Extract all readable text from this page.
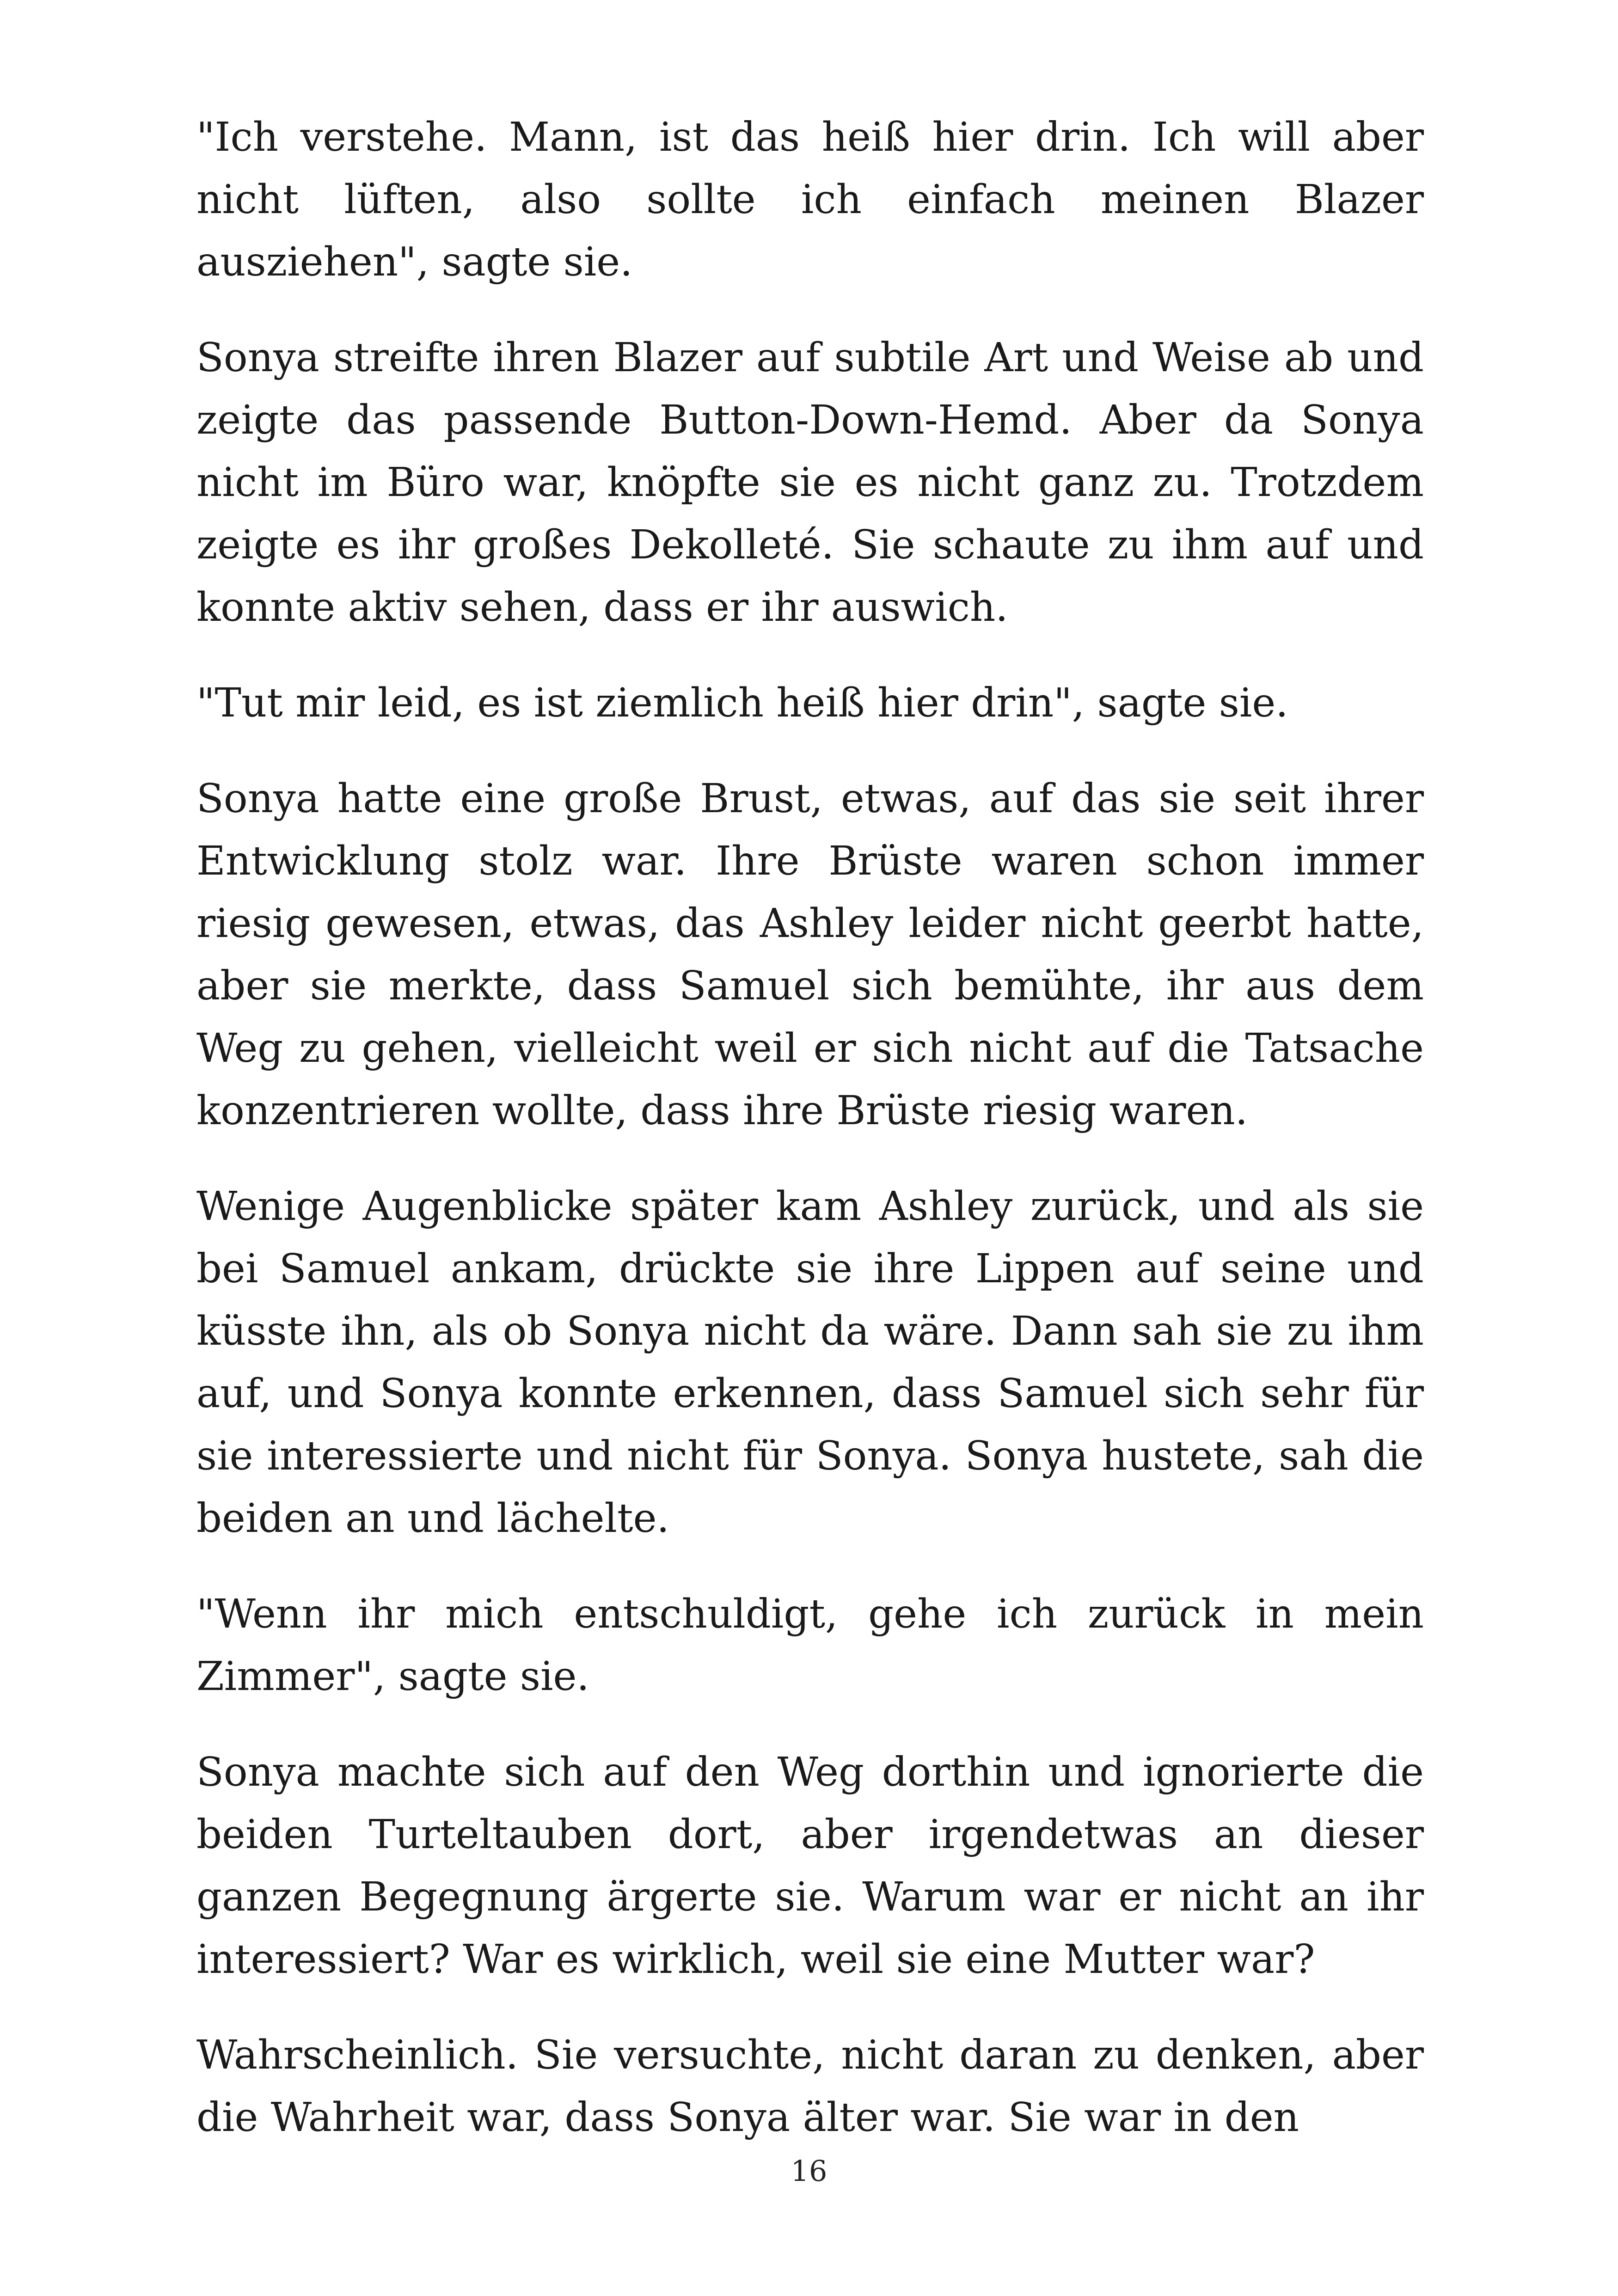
"Ich verstehe. Mann, ist das heiß hier drin. Ich will aber nicht lüften, also sollte ich einfach meinen Blazer ausziehen", sagte sie.

Sonya streifte ihren Blazer auf subtile Art und Weise ab und zeigte das passende Button-Down-Hemd. Aber da Sonya nicht im Büro war, knöpfte sie es nicht ganz zu. Trotzdem zeigte es ihr großes Dekolleté. Sie schaute zu ihm auf und konnte aktiv sehen, dass er ihr auswich.

"Tut mir leid, es ist ziemlich heiß hier drin", sagte sie.

Sonya hatte eine große Brust, etwas, auf das sie seit ihrer Entwicklung stolz war. Ihre Brüste waren schon immer riesig gewesen, etwas, das Ashley leider nicht geerbt hatte, aber sie merkte, dass Samuel sich bemühte, ihr aus dem Weg zu gehen, vielleicht weil er sich nicht auf die Tatsache konzentrieren wollte, dass ihre Brüste riesig waren.

Wenige Augenblicke später kam Ashley zurück, und als sie bei Samuel ankam, drückte sie ihre Lippen auf seine und küsste ihn, als ob Sonya nicht da wäre. Dann sah sie zu ihm auf, und Sonya konnte erkennen, dass Samuel sich sehr für sie interessierte und nicht für Sonya. Sonya hustete, sah die beiden an und lächelte.

"Wenn ihr mich entschuldigt, gehe ich zurück in mein Zimmer", sagte sie.

Sonya machte sich auf den Weg dorthin und ignorierte die beiden Turteltauben dort, aber irgendetwas an dieser ganzen Begegnung ärgerte sie. Warum war er nicht an ihr interessiert? War es wirklich, weil sie eine Mutter war?

Wahrscheinlich. Sie versuchte, nicht daran zu denken, aber die Wahrheit war, dass Sonya älter war. Sie war in den

16
